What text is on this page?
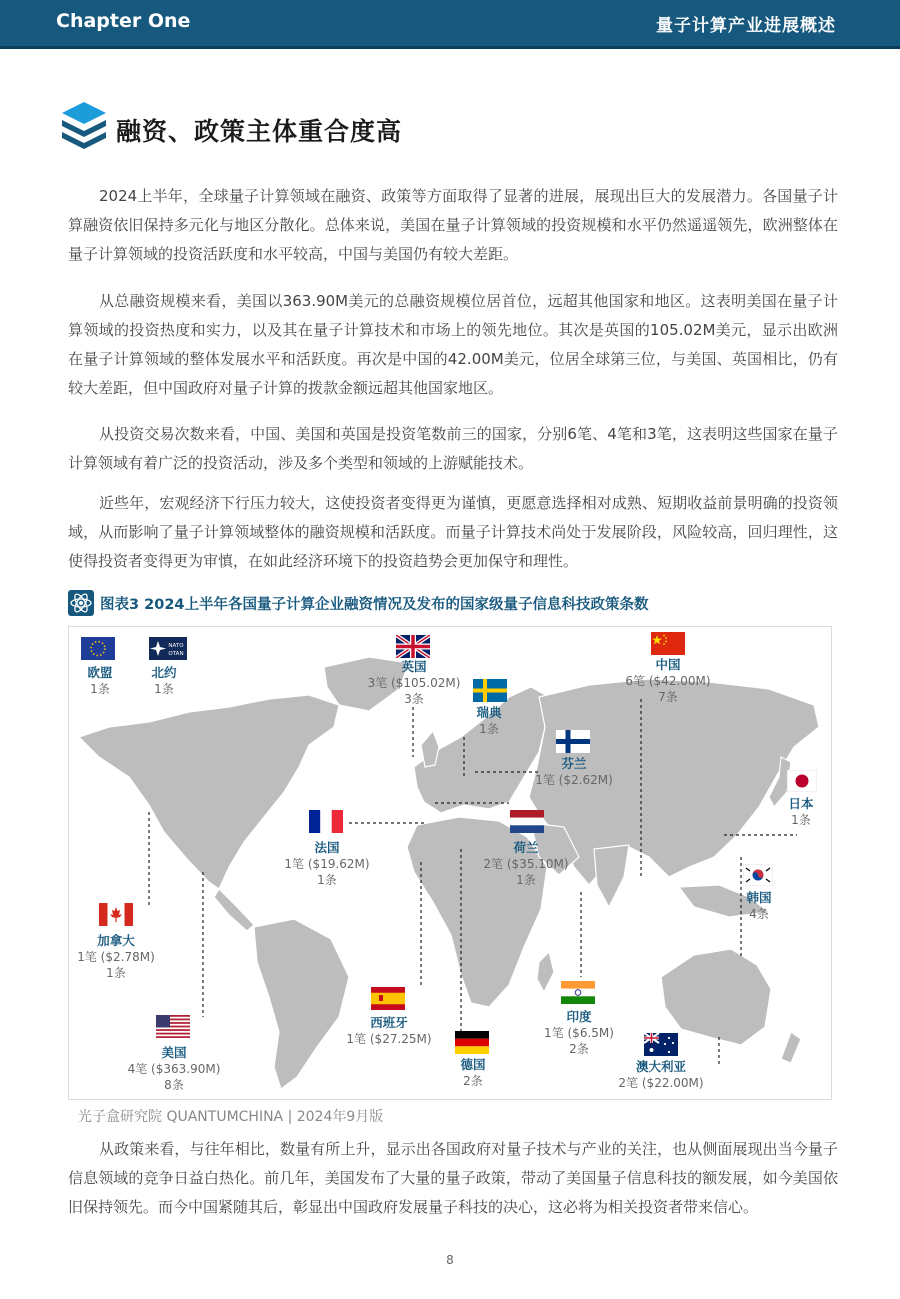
Chapter One	量子计算产业进展概述
融资、政策主体重合度高

2024上半年，全球量子计算领域在融资、政策等方面取得了显著的进展，展现出巨大的发展潜力。各国量子计算融资依旧保持多元化与地区分散化。总体来说，美国在量子计算领域的投资规模和水平仍然遥遥领先，欧洲整体在量子计算领域的投资活跃度和水平较高，中国与美国仍有较大差距。

从总融资规模来看，美国以363.90M美元的总融资规模位居首位，远超其他国家和地区。这表明美国在量子计算领域的投资热度和实力，以及其在量子计算技术和市场上的领先地位。其次是英国的105.02M美元，显示出欧洲在量子计算领域的整体发展水平和活跃度。再次是中国的42.00M美元，位居全球第三位，与美国、英国相比，仍有较大差距，但中国政府对量子计算的拨款金额远超其他国家地区。

从投资交易次数来看，中国、美国和英国是投资笔数前三的国家，分别6笔、4笔和3笔，这表明这些国家在量子计算领域有着广泛的投资活动，涉及多个类型和领域的上游赋能技术。

近些年，宏观经济下行压力较大，这使投资者变得更为谨慎，更愿意选择相对成熟、短期收益前景明确的投资领域，从而影响了量子计算领域整体的融资规模和活跃度。而量子计算技术尚处于发展阶段，风险较高，回归理性，这使得投资者变得更为审慎，在如此经济环境下的投资趋势会更加保守和理性。

图表3 2024上半年各国量子计算企业融资情况及发布的国家级量子信息科技政策条数
NATO
OTAN
欧盟
1条
北约
1条
英国
3笔 ($105.02M)
3条
瑞典
1条
中国
6笔 ($42.00M)
7条
芬兰
1笔 ($2.62M)
日本
1条
法国
1笔 ($19.62M)
1条
荷兰
2笔 ($35.10M)
1条
韩国
4条
加拿大
1笔 ($2.78M)
1条
西班牙
1笔 ($27.25M)
印度
1笔 ($6.5M)
2条
美国
4笔 ($363.90M)
8条
德国
2条
澳大利亚
2笔 ($22.00M)
光子盒研究院 QUANTUMCHINA | 2024年9月版

从政策来看，与往年相比，数量有所上升，显示出各国政府对量子技术与产业的关注，也从侧面展现出当今量子信息领域的竞争日益白热化。前几年，美国发布了大量的量子政策，带动了美国量子信息科技的额发展，如今美国依旧保持领先。而今中国紧随其后，彰显出中国政府发展量子科技的决心，这必将为相关投资者带来信心。

8
